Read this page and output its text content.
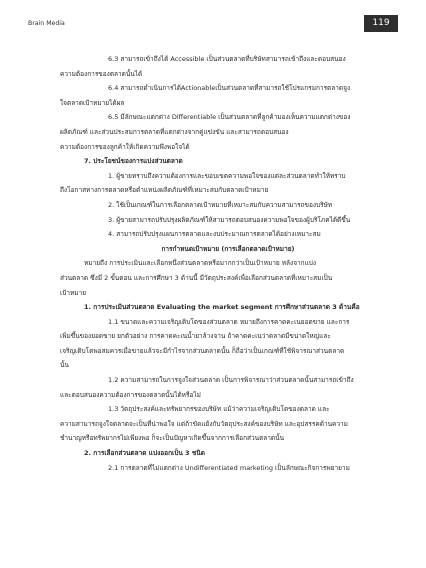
Brain Media	119

6.3 สามารถเข้าถึงได้ Accessible เป็นส่วนตลาดที่บริษัทสามารถเข้าถึงและตอบสนอง

ความต้องการของตลาดนั้นได้

6.4 สามารถดำเนินการได้Actionableเป็นส่วนตลาดที่สามารถใช้โปรแกรมการตลาดจูง

ใจตลาดเป้าหมายได้ผล

6.5 มีลักษณะแตกต่าง Differentiable เป็นส่วนตลาดที่ลูกค้ามองเห็นความแตกต่างของ

ผลิตภัณฑ์ และส่วนประสมการตลาดที่แตกต่างจากคู่แข่งขัน และสามารถตอบสนอง

ความต้องการของลูกค้าให้เกิดความพึงพอใจได้

7. ประโยชน์ของการแบ่งส่วนตลาด

1. ผู้ขายทราบถึงความต้องการและขอบเขตความพอใจของแต่ละส่วนตลาดทำให้ทราบ

ถึงโอกาสทางการตลาดหรือตำแหน่งผลิตภัณฑ์ที่เหมาะสมกับตลาดเป้าหมาย

2. ใช้เป็นเกณฑ์ในการเลือกตลาดเป้าหมายที่เหมาะสมกับความสามารถของบริษัท

3. ผู้ขายสามารถปรับปรุงผลิตภัณฑ์ให้สามารถตอบสนองความพอใจของผู้บริโภคได้ดีขึ้น

4. สามารถปรับปรุงแผนการตลาดและงบประมาณการตลาดได้อย่างเหมาะสม

การกำหนดเป้าหมาย (การเลือกตลาดเป้าหมาย)

หมายถึง การประเมินและเลือกหนึ่งส่วนตลาดหรือมากกว่าเป็นเป้าหมาย หลังจากแบ่ง

ส่วนตลาด ซึ่งมี 2 ขั้นตอน และการศึกษา 3 ด้านนี้ มีวัตถุประสงค์เพื่อเลือกส่วนตลาดที่เหมาะสมเป็น

เป้าหมาย

1. การประเมินส่วนตลาด Evaluating the market segment การศึกษาส่วนตลาด 3 ด้านคือ

1.1 ขนาดและความเจริญเติบโตของส่วนตลาด หมายถึงการคาดคะเนยอดขาย และการ

เพิ่มขึ้นของยอดขาย ยกตัวอย่าง การคาดคะเนน้ำยาล้างจาน ถ้าคาดคะเนว่าตลาดมีขนาดใหญ่และ

เจริญเติบโตพอสมควรเมื่อขายแล้วจะมีกำไรจากส่วนตลาดนั้น ก็ถือว่าเป็นเกณฑ์ที่ใช้พิจารณาส่วนตลาด

นั้น

1.2 ความสามารถในการจูงใจส่วนตลาด เป็นการพิจารณาว่าส่วนตลาดนั้นสามารถเข้าถึง

และตอบสนองความต้องการของตลาดนั้นได้หรือไม่

1.3 วัตถุประสงค์และทรัพยากรของบริษัท แม้ว่าความเจริญเติบโตของตลาด และ

ความสามารถจูงใจตลาดจะเป็นที่น่าพอใจ แต่ถ้าขัดแย้งกับวัตถุประสงค์ของบริษัท และอุปสรรคด้านความ

ชำนาญหรือทรัพยากรไม่เพียงพอ ก็จะเป็นปัญหาเกิดขึ้นจากการเลือกส่วนตลาดนั้น

2. การเลือกส่วนตลาด แบ่งออกเป็น 3 ชนิด

2.1 การตลาดที่ไม่แตกต่าง Undifferentiated marketing เป็นลักษณะกิจการพยายาม
